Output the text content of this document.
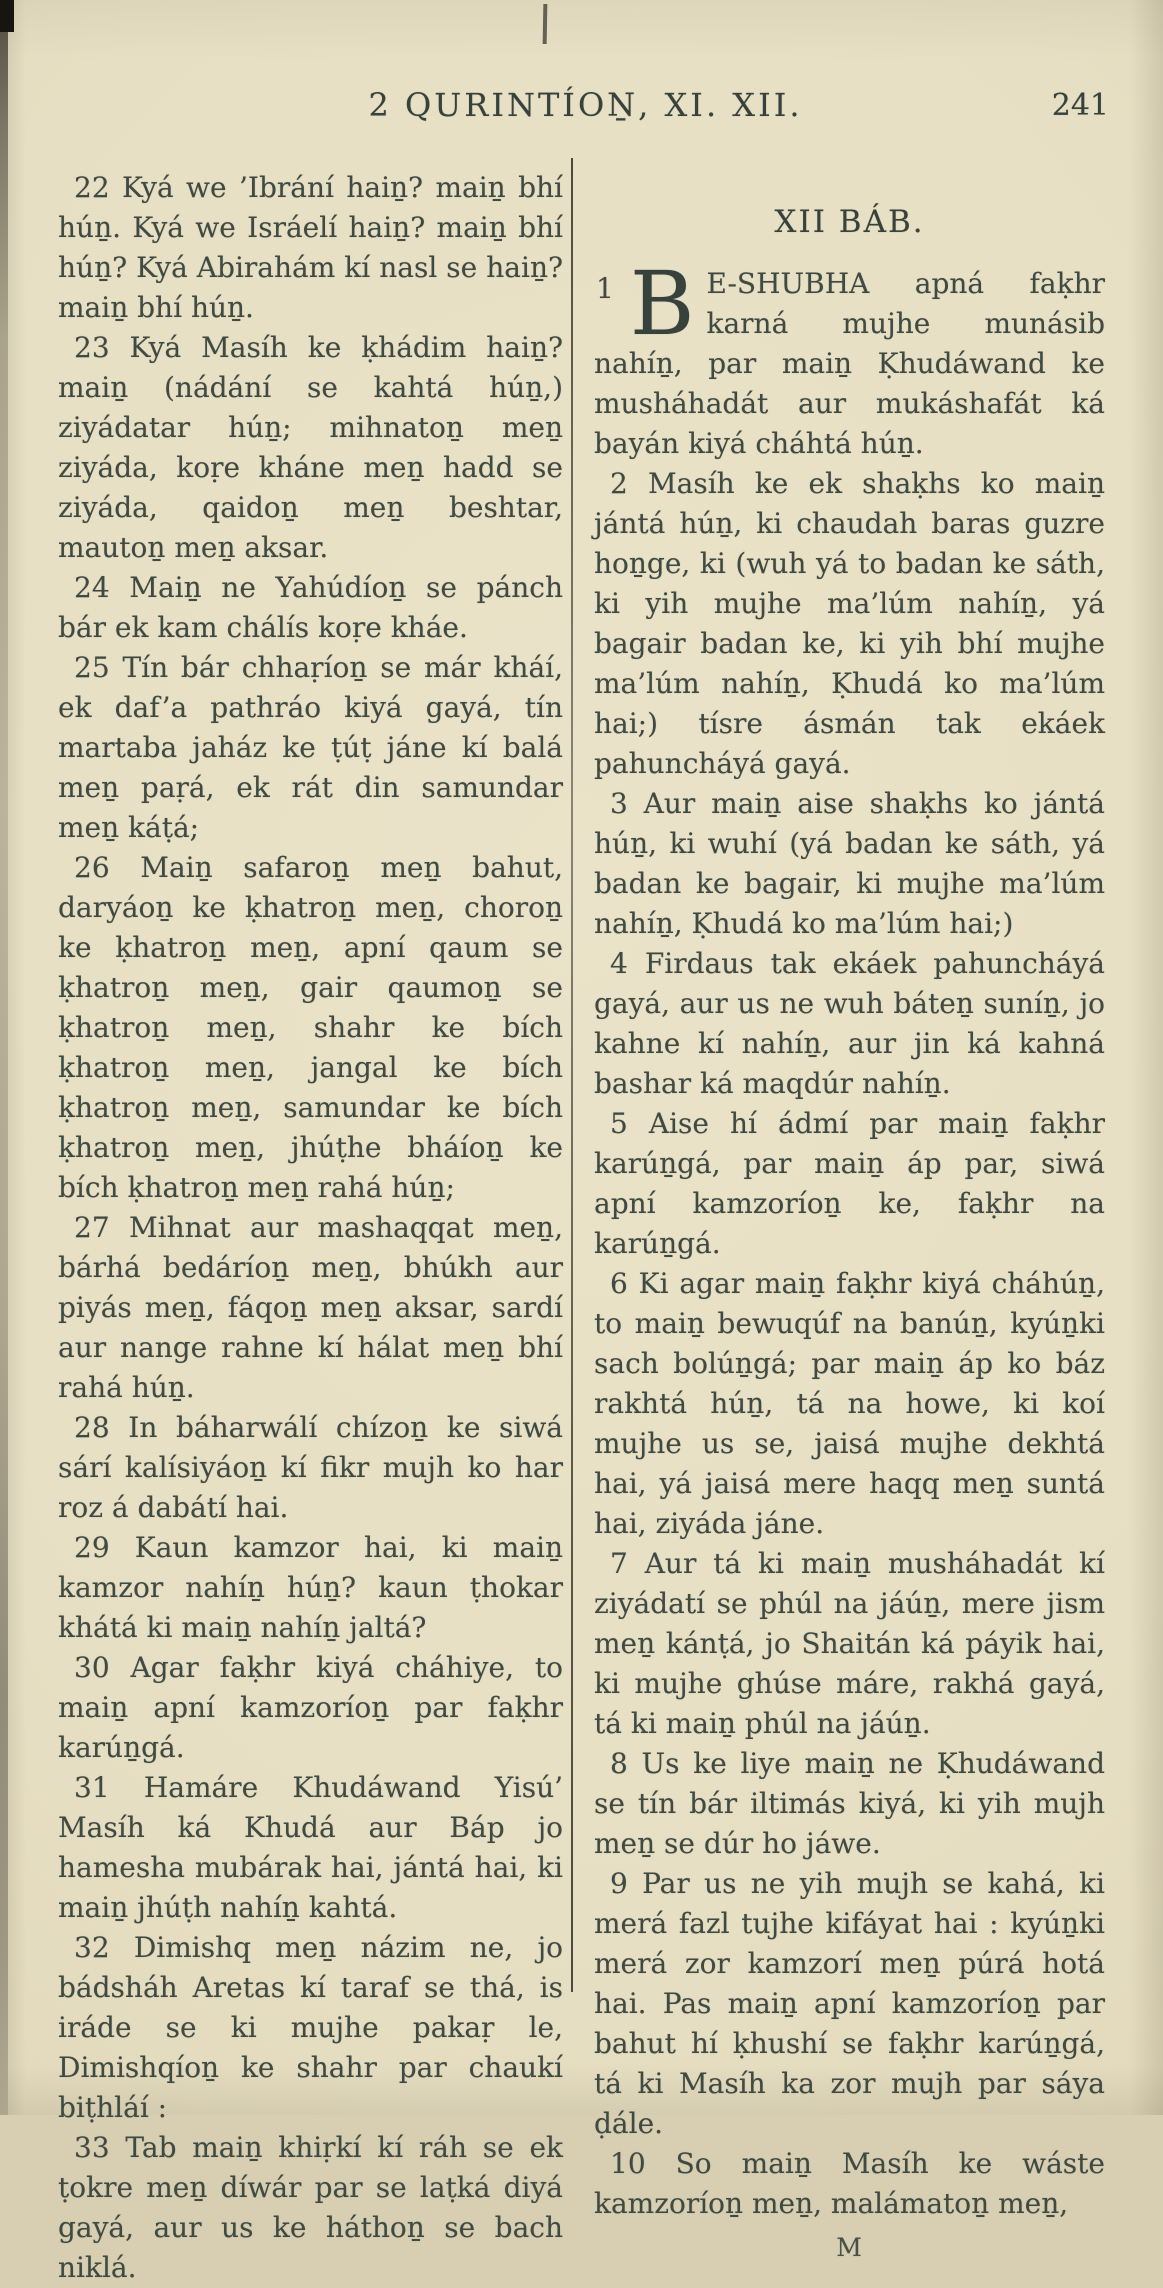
2 QURINTÍOṈ, XI. XII.	241

22 Kyá we ’Ibrání haiṉ? maiṉ bhí húṉ. Kyá we Isráelí haiṉ? maiṉ bhí húṉ? Kyá Abirahám kí nasl se haiṉ? maiṉ bhí húṉ.

23 Kyá Masíh ke ḳhádim haiṉ? maiṉ (nádání se kahtá húṉ,) ziyádatar húṉ; mihnatoṉ meṉ ziyáda, koṛe kháne meṉ hadd se ziyáda, qaidoṉ meṉ beshtar, mautoṉ meṉ aksar.

24 Maiṉ ne Yahúdíoṉ se pánch bár ek kam chálís koṛe kháe.

25 Tín bár chhaṛíoṉ se már kháí, ek daf’a pathráo kiyá gayá, tín martaba jaház ke ṭúṭ jáne kí balá meṉ paṛá, ek rát din samundar meṉ káṭá;

26 Maiṉ safaroṉ meṉ bahut, daryáoṉ ke ḳhatroṉ meṉ, choroṉ ke ḳhatroṉ meṉ, apní qaum se ḳhatroṉ meṉ, gair qaumoṉ se ḳhatroṉ meṉ, shahr ke bích ḳhatroṉ meṉ, jangal ke bích ḳhatroṉ meṉ, samundar ke bích ḳhatroṉ meṉ, jhúṭhe bháíoṉ ke bích ḳhatroṉ meṉ rahá húṉ;

27 Mihnat aur mashaqqat meṉ, bárhá bedáríoṉ meṉ, bhúkh aur piyás meṉ, fáqoṉ meṉ aksar, sardí aur nange rahne kí hálat meṉ bhí rahá húṉ.

28 In báharwálí chízoṉ ke siwá sárí kalísiyáoṉ kí fikr mujh ko har roz á dabátí hai.

29 Kaun kamzor hai, ki maiṉ kamzor nahíṉ húṉ? kaun ṭhokar khátá ki maiṉ nahíṉ jaltá?

30 Agar faḳhr kiyá cháhiye, to maiṉ apní kamzoríoṉ par faḳhr karúṉgá.

31 Hamáre Khudáwand Yisú’ Masíh ká Khudá aur Báp jo hamesha mubárak hai, jántá hai, ki maiṉ jhúṭh nahíṉ kahtá.

32 Dimishq meṉ názim ne, jo bádsháh Aretas kí taraf se thá, is iráde se ki mujhe pakaṛ le, Dimishqíoṉ ke shahr par chaukí biṭhláí :

33 Tab maiṉ khiṛkí kí ráh se ek ṭokre meṉ díwár par se laṭká diyá gayá, aur us ke háthoṉ se bach niklá.

XII BÁB.

1 B E-SHUBHA apná faḳhr karná mujhe munásib nahíṉ, par maiṉ Ḳhudáwand ke musháhadát aur mukáshafát ká bayán kiyá cháhtá húṉ.

2 Masíh ke ek shaḳhs ko maiṉ jántá húṉ, ki chaudah baras guzre hoṉge, ki (wuh yá to badan ke sáth, ki yih mujhe ma’lúm nahíṉ, yá bagair badan ke, ki yih bhí mujhe ma’lúm nahíṉ, Ḳhudá ko ma’lúm hai;) tísre ásmán tak ekáek pahuncháyá gayá.

3 Aur maiṉ aise shaḳhs ko jántá húṉ, ki wuhí (yá badan ke sáth, yá badan ke bagair, ki mujhe ma’lúm nahíṉ, Ḳhudá ko ma’lúm hai;)

4 Firdaus tak ekáek pahuncháyá gayá, aur us ne wuh báteṉ suníṉ, jo kahne kí nahíṉ, aur jin ká kahná bashar ká maqdúr nahíṉ.

5 Aise hí ádmí par maiṉ faḳhr karúṉgá, par maiṉ áp par, siwá apní kamzoríoṉ ke, faḳhr na karúṉgá.

6 Ki agar maiṉ faḳhr kiyá cháhúṉ, to maiṉ bewuqúf na banúṉ, kyúṉki sach bolúṉgá; par maiṉ áp ko báz rakhtá húṉ, tá na howe, ki koí mujhe us se, jaisá mujhe dekhtá hai, yá jaisá mere haqq meṉ suntá hai, ziyáda jáne.

7 Aur tá ki maiṉ musháhadát kí ziyádatí se phúl na jáúṉ, mere jism meṉ kánṭá, jo Shaitán ká páyik hai, ki mujhe ghúse máre, rakhá gayá, tá ki maiṉ phúl na jáúṉ.

8 Us ke liye maiṉ ne Ḳhudáwand se tín bár iltimás kiyá, ki yih mujh meṉ se dúr ho jáwe.

9 Par us ne yih mujh se kahá, ki merá fazl tujhe kifáyat hai : kyúṉki merá zor kamzorí meṉ púrá hotá hai. Pas maiṉ apní kamzoríoṉ par bahut hí ḳhushí se faḳhr karúṉgá, tá ki Masíh ka zor mujh par sáya ḍále.

10 So maiṉ Masíh ke wáste kamzoríoṉ meṉ, malámatoṉ meṉ,

M
